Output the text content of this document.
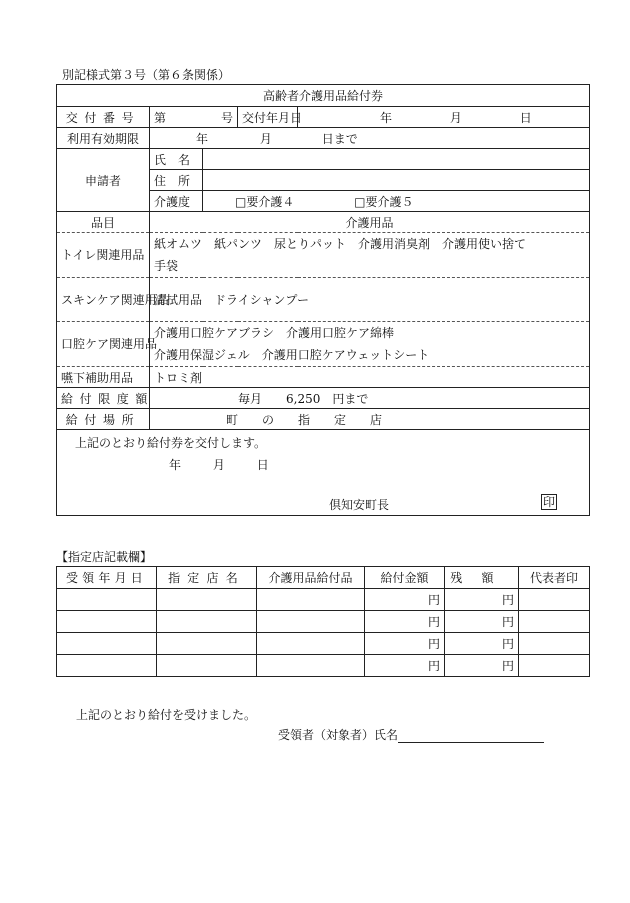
別記様式第３号（第６条関係）
高齢者介護用品給付券				
交付番号	第 号		交付年月日	年 月 日
利用有効期限	年 月 日まで			
申請者	氏　名			
	住　所			
	介護度	□要介護４ □要介護５		
品目	介護用品			
トイレ関連用品	紙オムツ　紙パンツ　尿とりパット　介護用消臭剤　介護用使い捨て
手袋			

スキンケア関連用品	清拭用品　ドライシャンプー			
口腔ケア関連用品	介護用口腔ケアブラシ　介護用口腔ケア綿棒
介護用保湿ジェル　介護用口腔ケアウェットシート			

嚥下補助用品	トロミ剤			
給付限度額	毎月　　6,250　円まで			
給付場所	町　　の　　指　　定　　店			

上記のとおり給付券を交付します。
年 月 日
倶知安町長 印				
【指定店記載欄】
受領年月日	指定店名	介護用品給付品	給付金額	残額	代表者印
			円	円	
			円	円	
			円	円	
			円	円	
上記のとおり給付を受けました。
受領者（対象者）氏名
